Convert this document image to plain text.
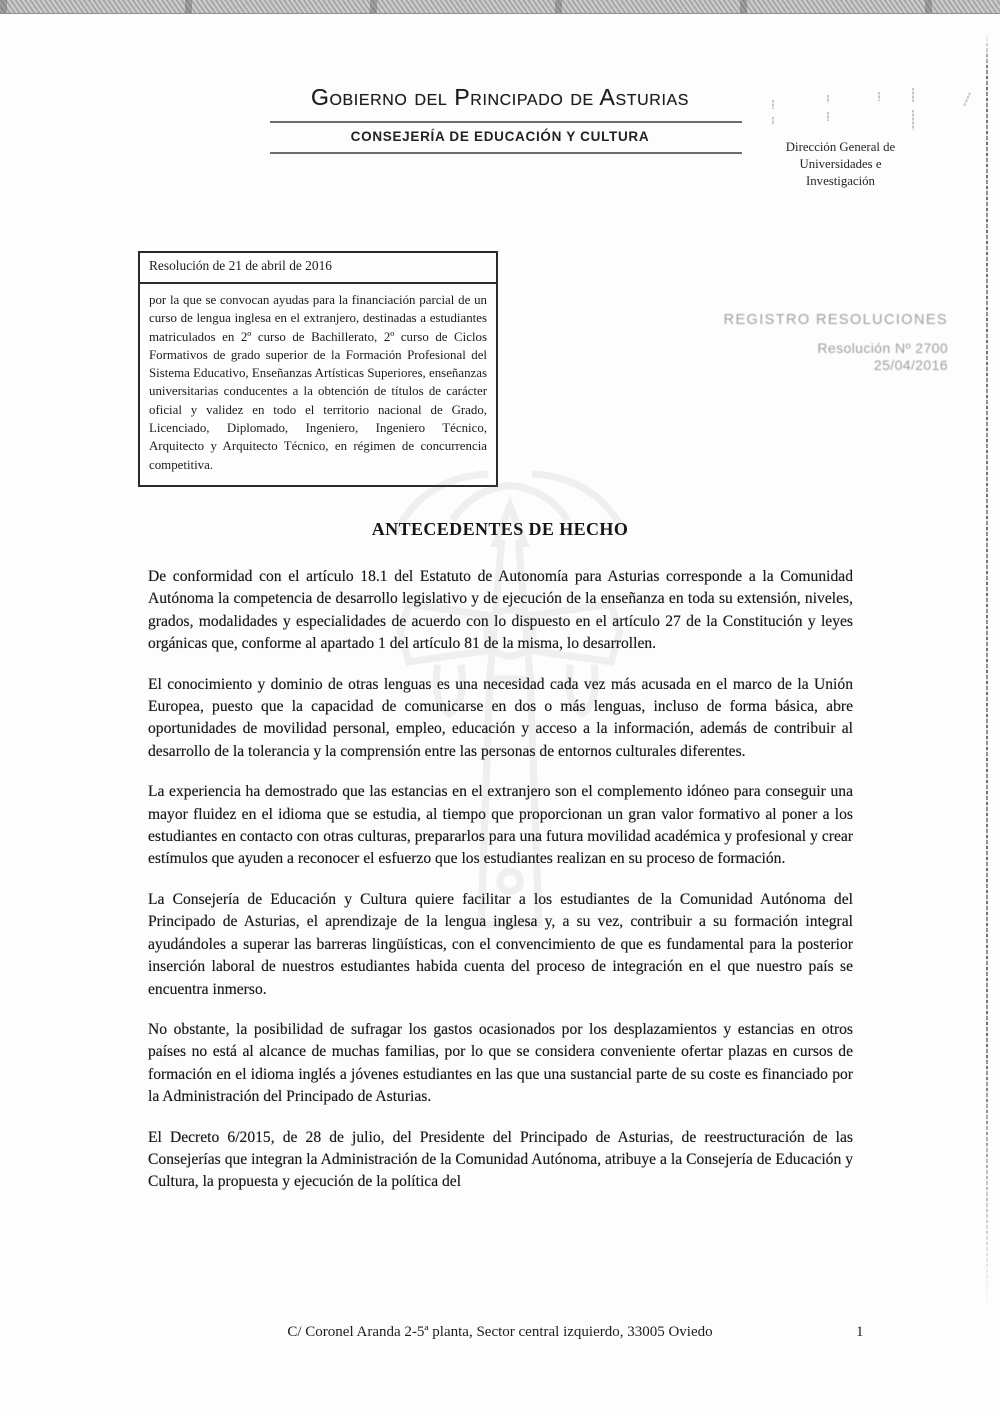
Gobierno del Principado de Asturias
CONSEJERÍA DE EDUCACIÓN Y CULTURA
Dirección General de
Universidades e
Investigación
Resolución de 21 de abril de 2016
por la que se convocan ayudas para la financiación parcial de un curso de lengua inglesa en el extranjero, destinadas a estudiantes matriculados en 2º curso de Bachillerato, 2º curso de Ciclos Formativos de grado superior de la Formación Profesional del Sistema Educativo, Enseñanzas Artísticas Superiores, enseñanzas universitarias conducentes a la obtención de títulos de carácter oficial y validez en todo el territorio nacional de Grado, Licenciado, Diplomado, Ingeniero, Ingeniero Técnico, Arquitecto y Arquitecto Técnico, en régimen de concurrencia competitiva.
REGISTRO RESOLUCIONES
Resolución Nº 2700
25/04/2016
ANTECEDENTES DE HECHO

De conformidad con el artículo 18.1 del Estatuto de Autonomía para Asturias corresponde a la Comunidad Autónoma la competencia de desarrollo legislativo y de ejecución de la enseñanza en toda su extensión, niveles, grados, modalidades y especialidades de acuerdo con lo dispuesto en el artículo 27 de la Constitución y leyes orgánicas que, conforme al apartado 1 del artículo 81 de la misma, lo desarrollen.

El conocimiento y dominio de otras lenguas es una necesidad cada vez más acusada en el marco de la Unión Europea, puesto que la capacidad de comunicarse en dos o más lenguas, incluso de forma básica, abre oportunidades de movilidad personal, empleo, educación y acceso a la información, además de contribuir al desarrollo de la tolerancia y la comprensión entre las personas de entornos culturales diferentes.

La experiencia ha demostrado que las estancias en el extranjero son el complemento idóneo para conseguir una mayor fluidez en el idioma que se estudia, al tiempo que proporcionan un gran valor formativo al poner a los estudiantes en contacto con otras culturas, prepararlos para una futura movilidad académica y profesional y crear estímulos que ayuden a reconocer el esfuerzo que los estudiantes realizan en su proceso de formación.

La Consejería de Educación y Cultura quiere facilitar a los estudiantes de la Comunidad Autónoma del Principado de Asturias, el aprendizaje de la lengua inglesa y, a su vez, contribuir a su formación integral ayudándoles a superar las barreras lingüísticas, con el convencimiento de que es fundamental para la posterior inserción laboral de nuestros estudiantes habida cuenta del proceso de integración en el que nuestro país se encuentra inmerso.

No obstante, la posibilidad de sufragar los gastos ocasionados por los desplazamientos y estancias en otros países no está al alcance de muchas familias, por lo que se considera conveniente ofertar plazas en cursos de formación en el idioma inglés a jóvenes estudiantes en las que una sustancial parte de su coste es financiado por la Administración del Principado de Asturias.

El Decreto 6/2015, de 28 de julio, del Presidente del Principado de Asturias, de reestructuración de las Consejerías que integran la Administración de la Comunidad Autónoma, atribuye a la Consejería de Educación y Cultura, la propuesta y ejecución de la política del

C/ Coronel Aranda 2-5ª planta, Sector central izquierdo, 33005 Oviedo	1
